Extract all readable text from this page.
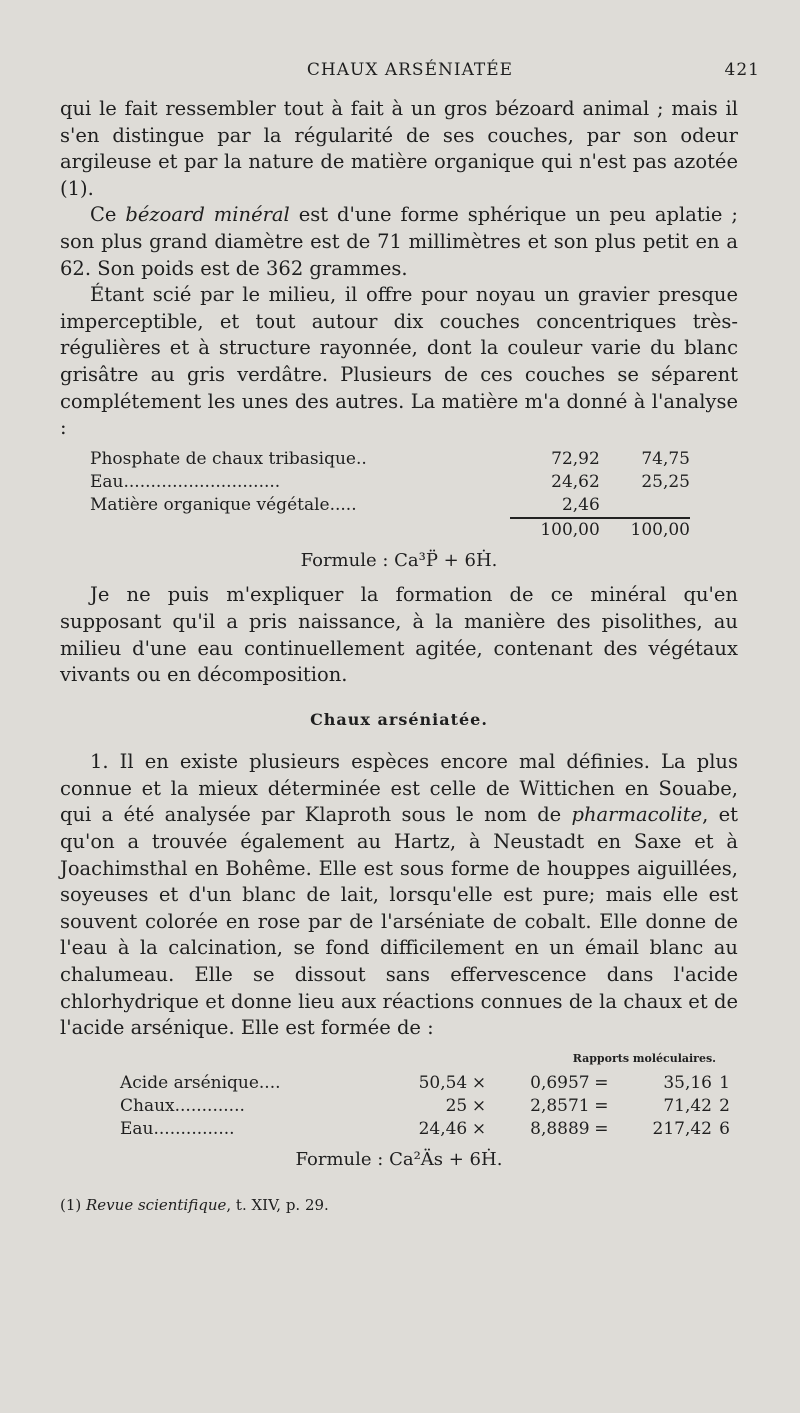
CHAUX ARSÉNIATÉE	421

qui le fait ressembler tout à fait à un gros bézoard animal ; mais il s'en distingue par la régularité de ses couches, par son odeur argileuse et par la nature de matière organique qui n'est pas azotée (1).

Ce bézoard minéral est d'une forme sphérique un peu aplatie ; son plus grand diamètre est de 71 millimètres et son plus petit en a 62. Son poids est de 362 grammes.

Étant scié par le milieu, il offre pour noyau un gravier presque imperceptible, et tout autour dix couches concentriques très-régulières et à structure rayonnée, dont la couleur varie du blanc grisâtre au gris verdâtre. Plusieurs de ces couches se séparent complétement les unes des autres. La matière m'a donné à l'analyse :

Phosphate de chaux tribasique..	72,92	74,75
Eau.............................	24,62	25,25
Matière organique végétale.....	2,46	
	100,00	100,00
Formule : Ca³P̈ + 6Ḣ.

Je ne puis m'expliquer la formation de ce minéral qu'en supposant qu'il a pris naissance, à la manière des pisolithes, au milieu d'une eau continuellement agitée, contenant des végétaux vivants ou en décomposition.

Chaux arséniatée.

1. Il en existe plusieurs espèces encore mal définies. La plus connue et la mieux déterminée est celle de Wittichen en Souabe, qui a été analysée par Klaproth sous le nom de pharmacolite, et qu'on a trouvée également au Hartz, à Neustadt en Saxe et à Joachimsthal en Bohême. Elle est sous forme de houppes aiguillées, soyeuses et d'un blanc de lait, lorsqu'elle est pure; mais elle est souvent colorée en rose par de l'arséniate de cobalt. Elle donne de l'eau à la calcination, se fond difficilement en un émail blanc au chalumeau. Elle se dissout sans effervescence dans l'acide chlorhydrique et donne lieu aux réactions connues de la chaux et de l'acide arsénique. Elle est formée de :

Rapports moléculaires.
Acide arsénique....	50,54	×	0,6957	=	35,16	1
Chaux.............	25	×	2,8571	=	71,42	2
Eau...............	24,46	×	8,8889	=	217,42	6
Formule : Ca²Äs + 6Ḣ.
(1) Revue scientifique, t. XIV, p. 29.
